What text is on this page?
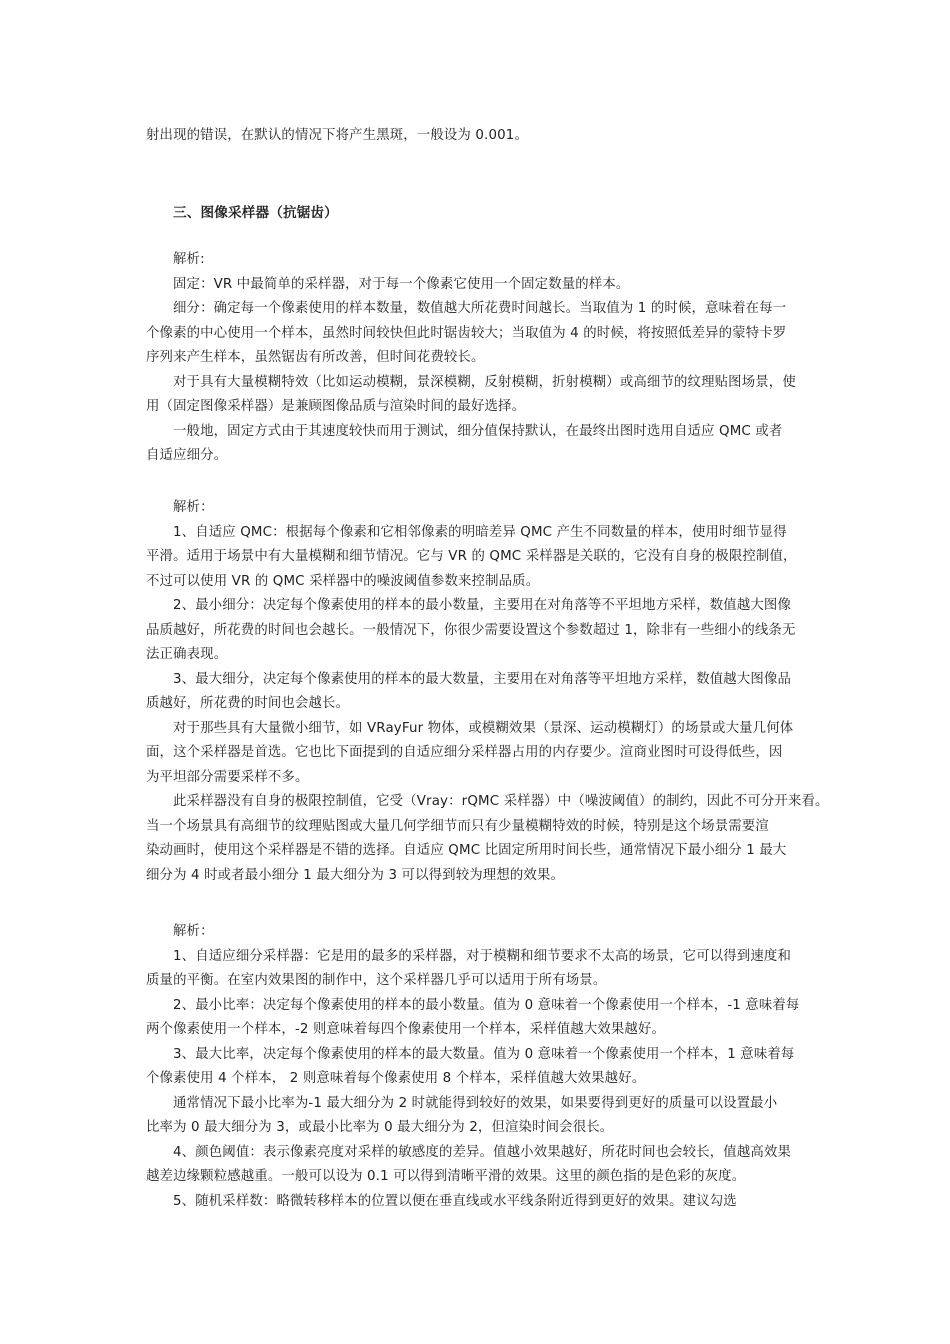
射出现的错误，在默认的情况下将产生黑斑，一般设为 0.001。
三、图像采样器（抗锯齿）
解析:
固定：VR 中最简单的采样器，对于每一个像素它使用一个固定数量的样本。
细分：确定每一个像素使用的样本数量，数值越大所花费时间越长。当取值为 1 的时候，意味着在每一
个像素的中心使用一个样本，虽然时间较快但此时锯齿较大；当取值为 4 的时候，将按照低差异的蒙特卡罗
序列来产生样本，虽然锯齿有所改善，但时间花费较长。
对于具有大量模糊特效（比如运动模糊，景深模糊，反射模糊，折射模糊）或高细节的纹理贴图场景，使
用（固定图像采样器）是兼顾图像品质与渲染时间的最好选择。
一般地，固定方式由于其速度较快而用于测试，细分值保持默认，在最终出图时选用自适应 QMC 或者
自适应细分。
解析：
1、自适应 QMC：根据每个像素和它相邻像素的明暗差异 QMC 产生不同数量的样本，使用时细节显得
平滑。适用于场景中有大量模糊和细节情况。它与 VR 的 QMC 采样器是关联的，它没有自身的极限控制值，
不过可以使用 VR 的 QMC 采样器中的噪波阈值参数来控制品质。
2、最小细分：决定每个像素使用的样本的最小数量，主要用在对角落等不平坦地方采样，数值越大图像
品质越好，所花费的时间也会越长。一般情况下，你很少需要设置这个参数超过 1，除非有一些细小的线条无
法正确表现。
3、最大细分，决定每个像素使用的样本的最大数量，主要用在对角落等平坦地方采样，数值越大图像品
质越好，所花费的时间也会越长。
对于那些具有大量微小细节，如 VRayFur 物体，或模糊效果（景深、运动模糊灯）的场景或大量几何体
面，这个采样器是首选。它也比下面提到的自适应细分采样器占用的内存要少。渲商业图时可设得低些，因
为平坦部分需要采样不多。
此采样器没有自身的极限控制值，它受（Vray：rQMC 采样器）中（噪波阈值）的制约，因此不可分开来看。
当一个场景具有高细节的纹理贴图或大量几何学细节而只有少量模糊特效的时候，特别是这个场景需要渲
染动画时，使用这个采样器是不错的选择。自适应 QMC 比固定所用时间长些，通常情况下最小细分 1 最大
细分为 4 时或者最小细分 1 最大细分为 3 可以得到较为理想的效果。
解析：
1、自适应细分采样器：它是用的最多的采样器，对于模糊和细节要求不太高的场景，它可以得到速度和
质量的平衡。在室内效果图的制作中，这个采样器几乎可以适用于所有场景。
2、最小比率：决定每个像素使用的样本的最小数量。值为 0 意味着一个像素使用一个样本，-1 意味着每
两个像素使用一个样本，-2 则意味着每四个像素使用一个样本，采样值越大效果越好。
3、最大比率，决定每个像素使用的样本的最大数量。值为 0 意味着一个像素使用一个样本，1 意味着每
个像素使用 4 个样本， 2 则意味着每个像素使用 8 个样本，采样值越大效果越好。
通常情况下最小比率为-1 最大细分为 2 时就能得到较好的效果，如果要得到更好的质量可以设置最小
比率为 0 最大细分为 3，或最小比率为 0 最大细分为 2，但渲染时间会很长。
4、颜色阈值：表示像素亮度对采样的敏感度的差异。值越小效果越好，所花时间也会较长，值越高效果
越差边缘颗粒感越重。一般可以设为 0.1 可以得到清晰平滑的效果。这里的颜色指的是色彩的灰度。
5、随机采样数：略微转移样本的位置以便在垂直线或水平线条附近得到更好的效果。建议勾选
